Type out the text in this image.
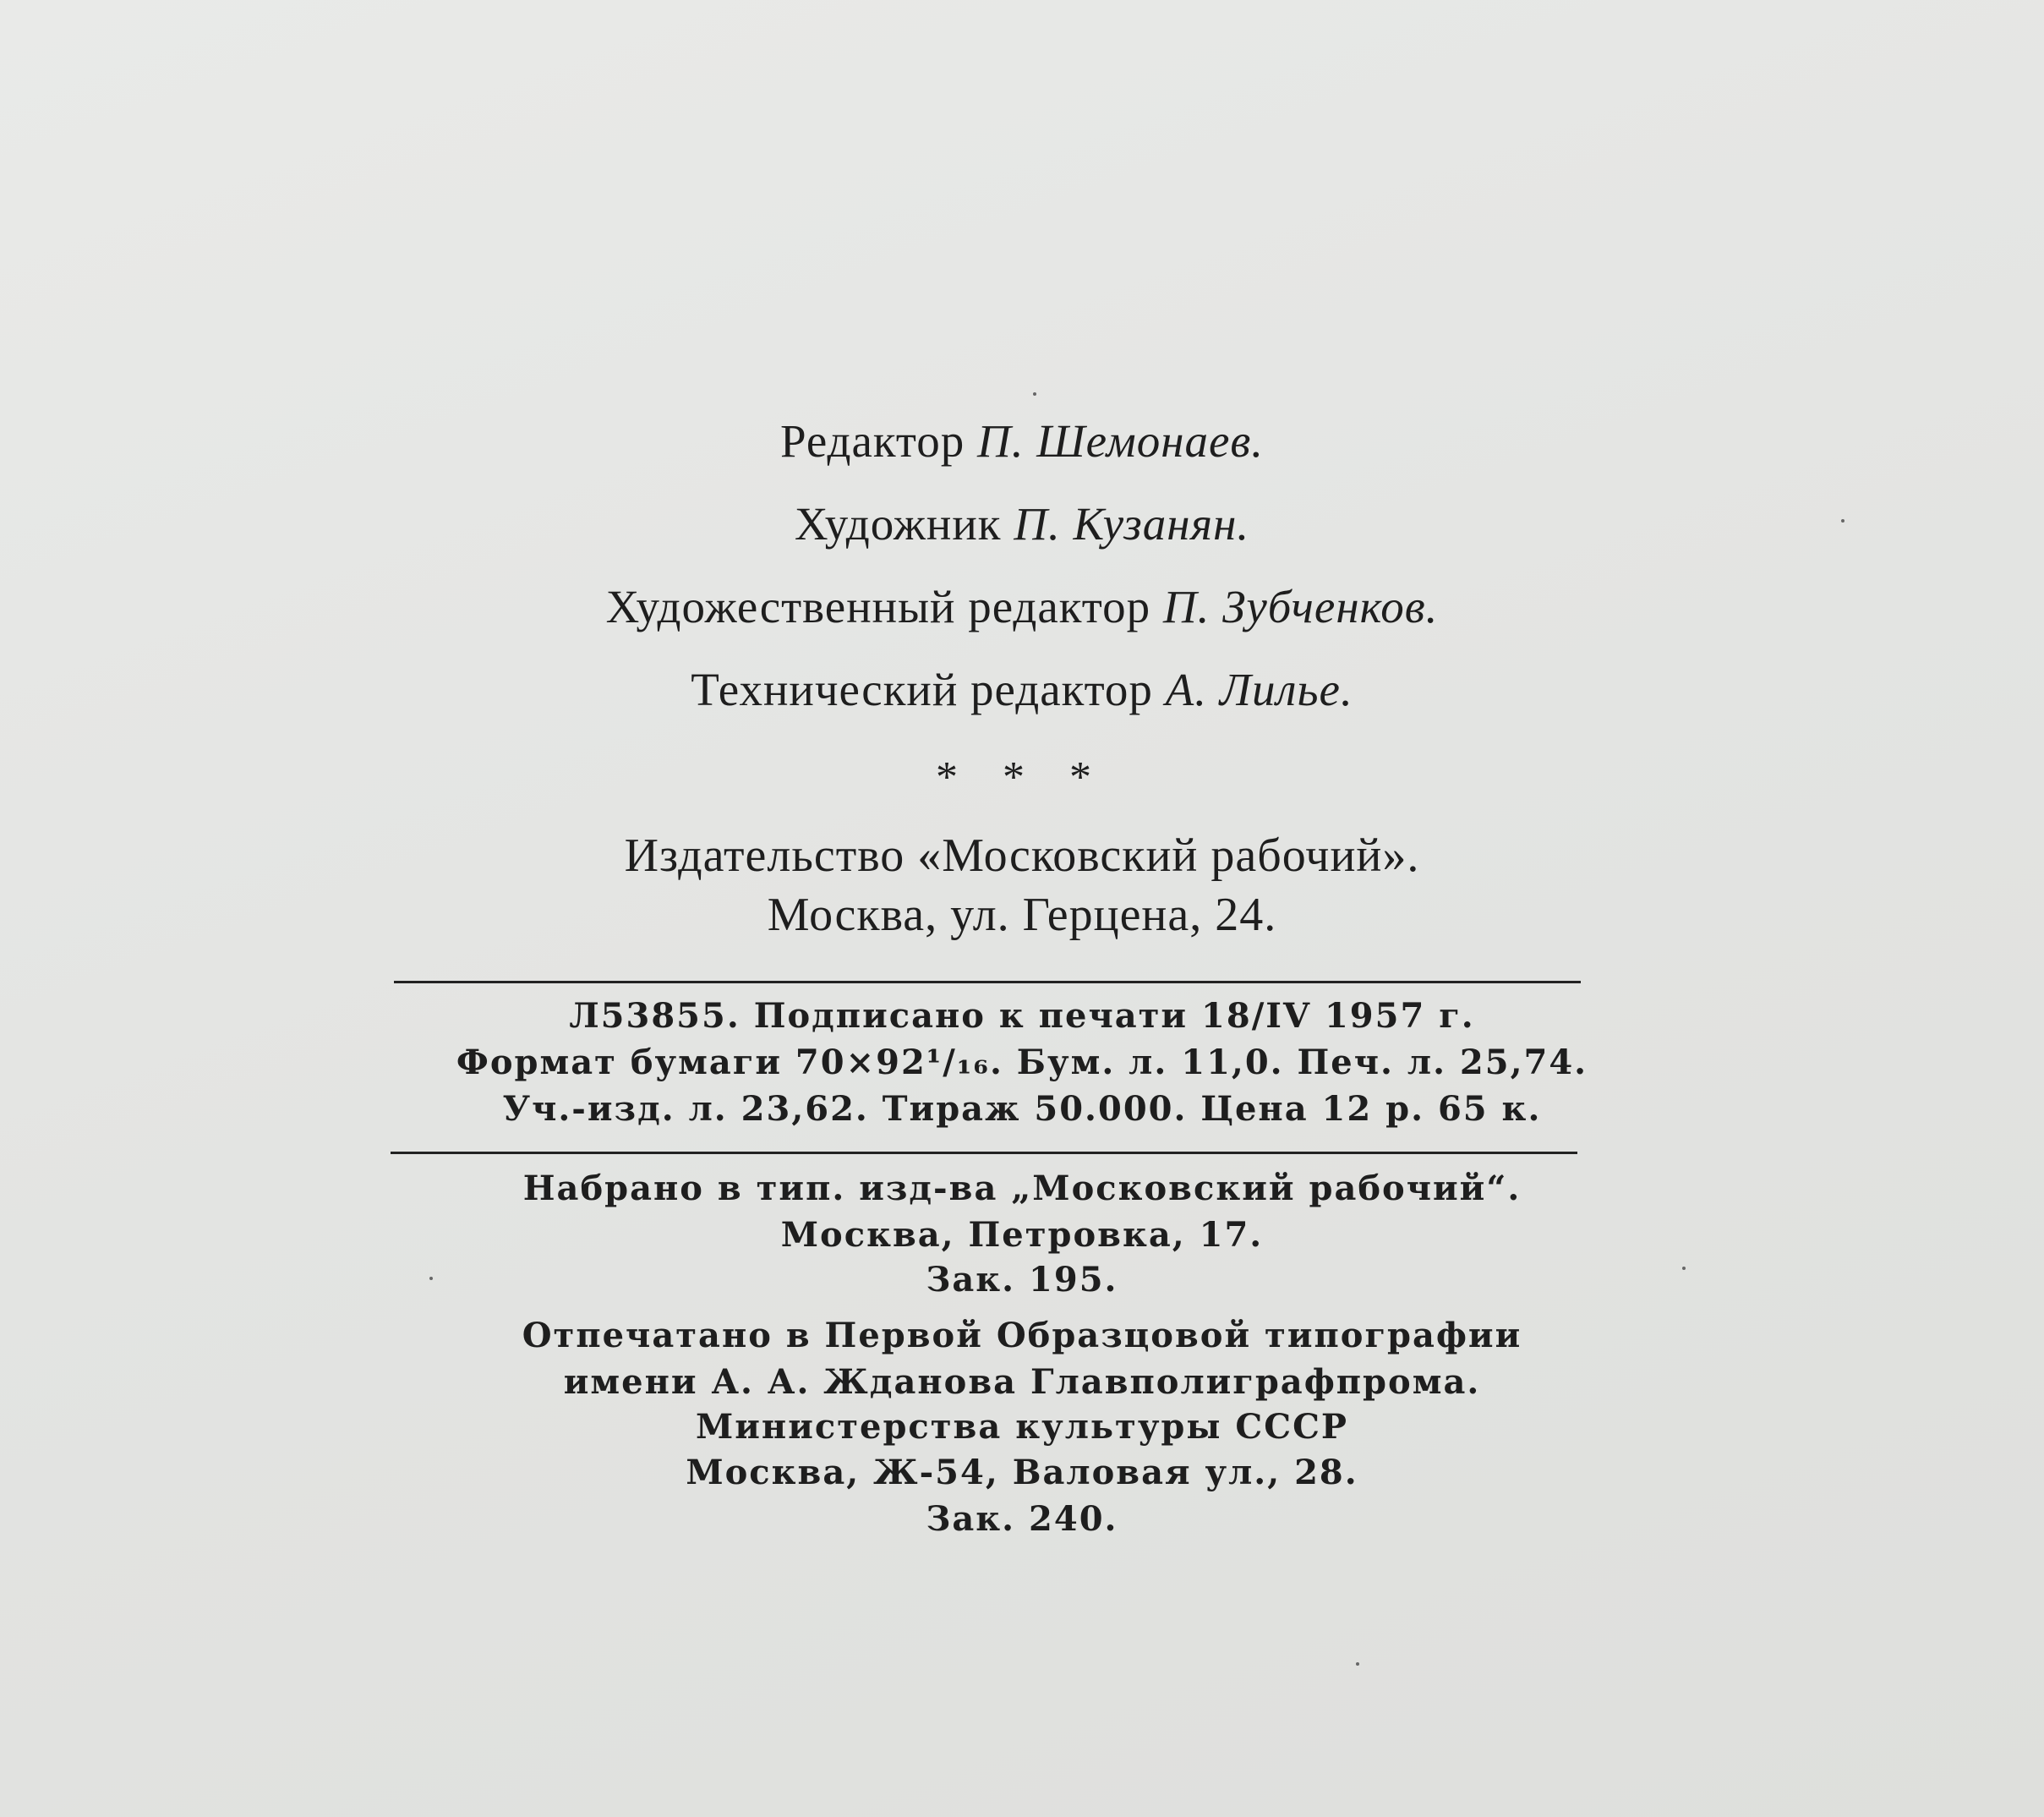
Редактор П. Шемонаев.
Художник П. Кузанян.
Художественный редактор П. Зубченков.
Технический редактор А. Лилье.
* * *
Издательство «Московский рабочий».
Москва, ул. Герцена, 24.
Л53855. Подписано к печати 18/IV 1957 г.
Формат бумаги 70×92¹/₁₆. Бум. л. 11,0. Печ. л. 25,74.
Уч.-изд. л. 23,62. Тираж 50.000. Цена 12 р. 65 к.
Набрано в тип. изд-ва „Московский рабочий“.
Москва, Петровка, 17.
Зак. 195.
Отпечатано в Первой Образцовой типографии
имени А. А. Жданова Главполиграфпрома.
Министерства культуры СССР
Москва, Ж-54, Валовая ул., 28.
Зак. 240.
